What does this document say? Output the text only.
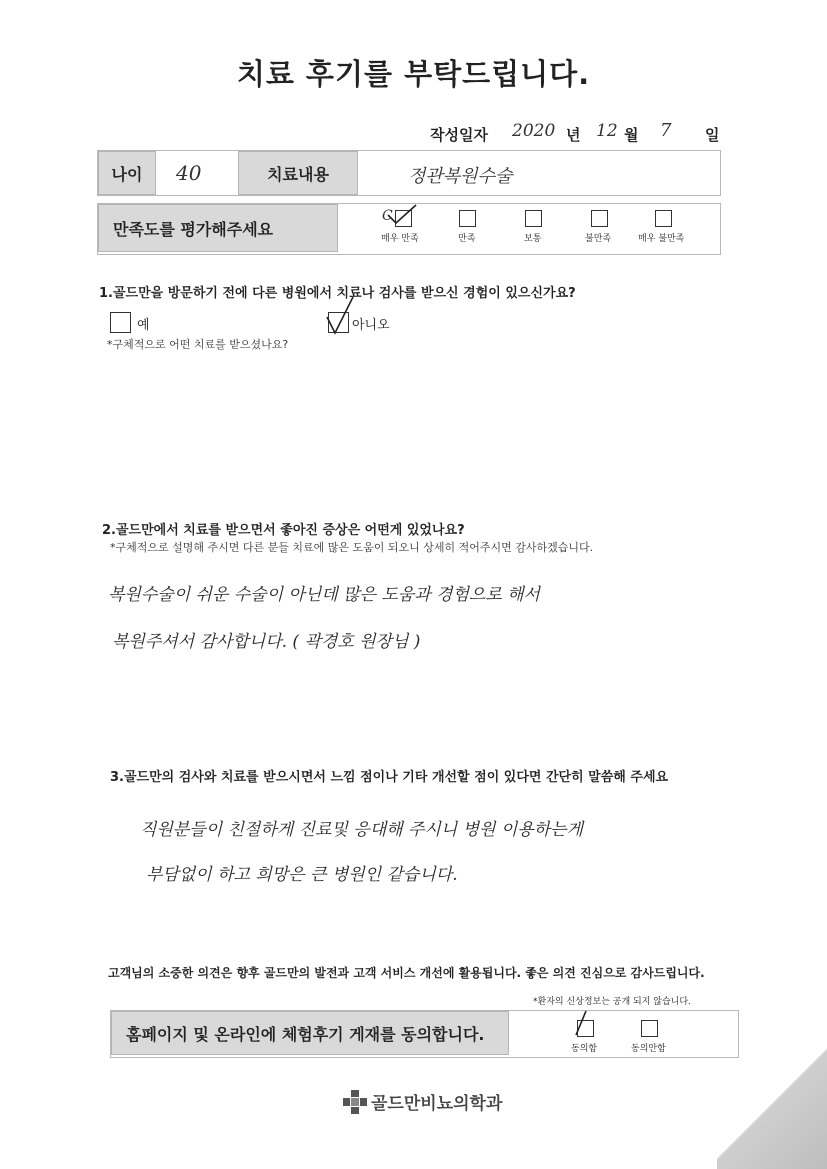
치료 후기를 부탁드립니다.
작성일자 2020 년 12 월 7 일
나이 40	치료내용	정관복원수술
만족도를 평가해주세요
C
매우 만족	만족	보통	불만족	매우 불만족
1.골드만을 방문하기 전에 다른 병원에서 치료나 검사를 받으신 경험이 있으신가요?
예	아니오
*구체적으로 어떤 치료를 받으셨나요?
2.골드만에서 치료를 받으면서 좋아진 증상은 어떤게 있었나요?
*구체적으로 설명해 주시면 다른 분들 치료에 많은 도움이 되오니 상세히 적어주시면 감사하겠습니다.
복원수술이 쉬운 수술이 아닌데 많은 도움과 경험으로 해서
복원주셔서 감사합니다. ( 곽경호 원장님 )
3.골드만의 검사와 치료를 받으시면서 느낌 점이나 기타 개선할 점이 있다면 간단히 말씀해 주세요
직원분들이 친절하게 진료및 응대해 주시니 병원 이용하는게
부담없이 하고 희망은 큰 병원인 같습니다.
고객님의 소중한 의견은 향후 골드만의 발전과 고객 서비스 개선에 활용됩니다. 좋은 의견 진심으로 감사드립니다.
*환자의 신상정보는 공개 되지 않습니다.
홈페이지 및 온라인에 체험후기 게재를 동의합니다.
동의함	동의안함
골드만비뇨의학과
